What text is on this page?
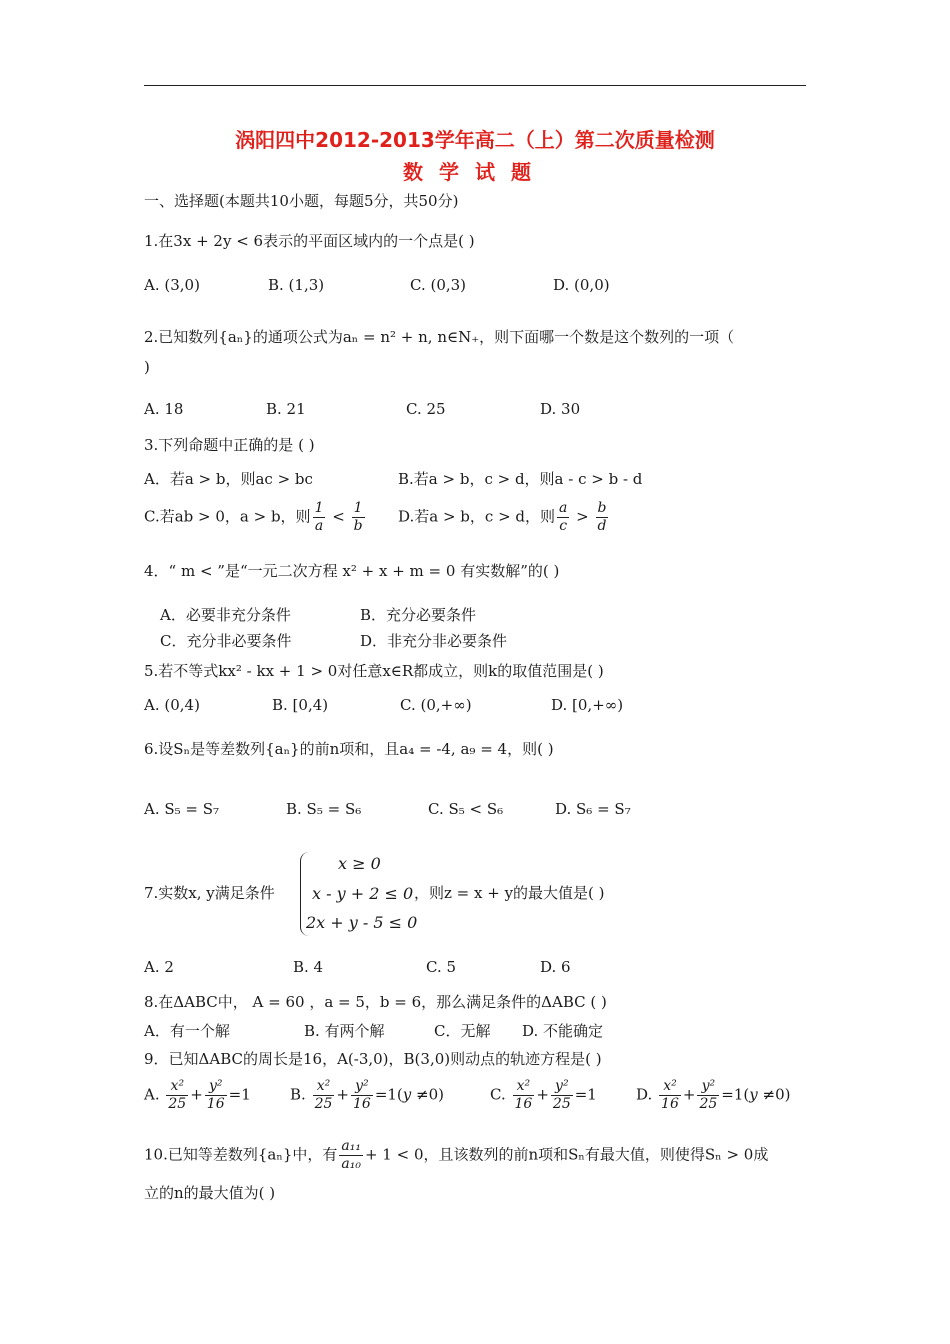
涡阳四中2012-2013学年高二（上）第二次质量检测
数学试题
一、选择题(本题共10小题，每题5分，共50分)
1.在3x + 2y < 6表示的平面区域内的一个点是( )
A. (3,0)	B. (1,3)	C. (0,3)	D. (0,0)
2.已知数列{aₙ}的通项公式为aₙ = n² + n, n∈N₊，则下面哪一个数是这个数列的一项（
)
A. 18	B. 21	C. 25	D. 30
3.下列命题中正确的是 ( )
A．若a > b，则ac > bc	B.若a > b，c > d，则a - c > b - d
C.若ab > 0，a > b，则 $\frac{1}{a} < \frac{1}{b} D$.若a > b，c > d，则 $\frac{a}{c} > \frac{b}{d}$
4．“ m < ”是“一元二次方程 x² + x + m = 0 有实数解”的( )
A．必要非充分条件	B．充分必要条件
C．充分非必要条件	D．非充分非必要条件
5.若不等式kx² - kx + 1 > 0对任意x∈R都成立，则k的取值范围是( )
A. (0,4)	B. [0,4)	C. (0,+∞)	D. [0,+∞)
6.设Sₙ是等差数列{aₙ}的前n项和，且a₄ = -4, a₉ = 4，则( )
A. S₅ = S₇	B. S₅ = S₆	C. S₅ < S₆	D. S₆ = S₇
7.实数x, y满足条件
x ≥ 0
x - y + 2 ≤ 0
2x + y - 5 ≤ 0
，则z = x + y的最大值是( )
A. 2	B. 4	C. 5	D. 6
8.在ΔABC中， A = 60 ，a = 5，b = 6，那么满足条件的ΔABC ( )
A．有一个解	B. 有两个解	C．无解 D. 不能确定
9．已知ΔABC的周长是16，A(-3,0)，B(3,0)则动点的轨迹方程是( )
A. $\frac{\text{x²}}{25} + \frac{\text{y²}}{16} =1$	B. $\frac{\text{x²}}{25} + \frac{\text{y²}}{16} =1(y \ne 0)$	C. $\frac{\text{x²}}{16} + \frac{\text{y²}}{25} =1$	D. $\frac{\text{x²}}{16} + \frac{\text{y²}}{25} =1(y \ne 0)$
10.已知等差数列{aₙ}中，有 $\frac{\text{a₁₁}}{\text{a₁₀}} + 1 < 0$，且该数列的前n项和Sₙ有最大值，则使得Sₙ > 0成
立的n的最大值为( )
